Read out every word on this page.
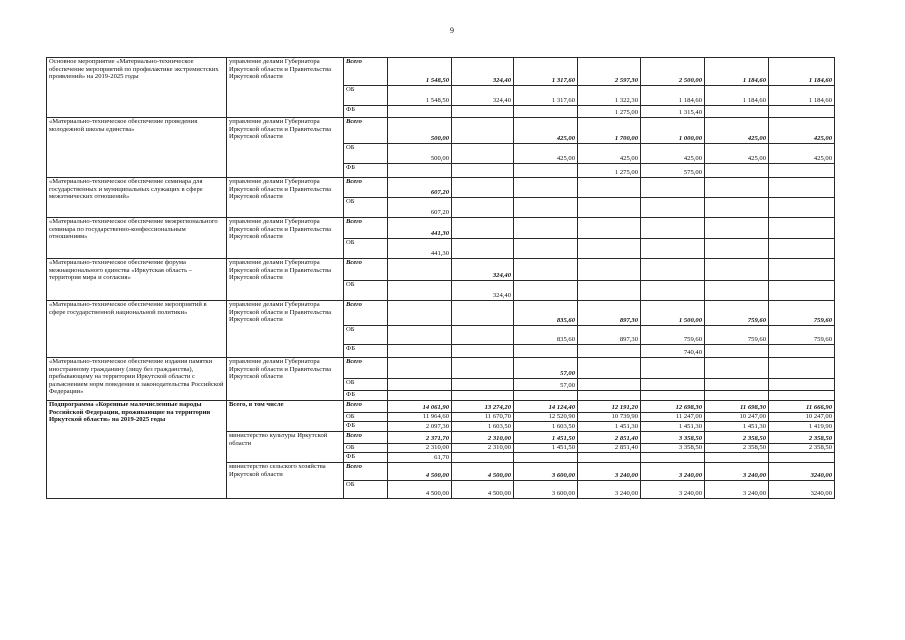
9
Основное мероприятие «Материально-техническое обеспечение мероприятий по профилактике экстремистских проявлений» на 2019-2025 годы	управление делами Губернатора Иркутской области и Правительства Иркутской области	Всего	1 548,50	324,40	1 317,60	2 597,30	2 500,00	1 184,60	1 184,60
		ОБ	1 548,50	324,40	1 317,60	1 322,30	1 184,60	1 184,60	1 184,60
		ФБ				1 275,00	1 315,40		
«Материально-техническое обеспечение проведения молодежной школы единства»	управление делами Губернатора Иркутской области и Правительства Иркутской области	Всего	500,00		425,00	1 700,00	1 000,00	425,00	425,00
		ОБ	500,00		425,00	425,00	425,00	425,00	425,00
		ФБ				1 275,00	575,00		
«Материально-техническое обеспечение семинара для государственных и муниципальных служащих в сфере межэтнических отношений»	управление делами Губернатора Иркутской области и Правительства Иркутской области	Всего	607,20						
		ОБ	607,20						
«Материально-техническое обеспечение межрегионального семинара по государственно-конфессиональным отношениям»	управление делами Губернатора Иркутской области и Правительства Иркутской области	Всего	441,30						
		ОБ	441,30						
«Материально-техническое обеспечение форума межнационального единства «Иркутская область – территория мира и согласия»	управление делами Губернатора Иркутской области и Правительства Иркутской области	Всего		324,40					
		ОБ		324,40					
«Материально-техническое обеспечение мероприятий в сфере государственной национальной политики»	управление делами Губернатора Иркутской области и Правительства Иркутской области	Всего			835,60	897,30	1 500,00	759,60	759,60
		ОБ			835,60	897,30	759,60	759,60	759,60
		ФБ					740,40		
«Материально-техническое обеспечение издания памятки иностранному гражданину (лицу без гражданства), пребывающему на территории Иркутской области с разъяснением норм поведения и законодательства Российской Федерации»	управление делами Губернатора Иркутской области и Правительства Иркутской области	Всего			57,00				
		ОБ			57,00				
		ФБ							
Подпрограмма «Коренные малочисленные народы Российской Федерации, проживающие на территории Иркутской области» на 2019-2025 годы	Всего, в том числе	Всего	14 061,90	13 274,20	14 124,40	12 191,20	12 698,30	11 698,30	11 666,90
		ОБ	11 964,60	11 670,70	12 520,90	10 739,90	11 247,00	10 247,00	10 247,00
		ФБ	2 097,30	1 603,50	1 603,50	1 451,30	1 451,30	1 451,30	1 419,90
	министерство культуры Иркутской области	Всего	2 371,70	2 310,00	1 451,50	2 851,40	3 358,50	2 358,50	2 358,50
		ОБ	2 310,00	2 310,00	1 451,50	2 851,40	3 358,50	2 358,50	2 358,50
		ФБ	61,70						
	министерство сельского хозяйства Иркутской области	Всего	4 500,00	4 500,00	3 600,00	3 240,00	3 240,00	3 240,00	3240,00
		ОБ	4 500,00	4 500,00	3 600,00	3 240,00	3 240,00	3 240,00	3240,00
